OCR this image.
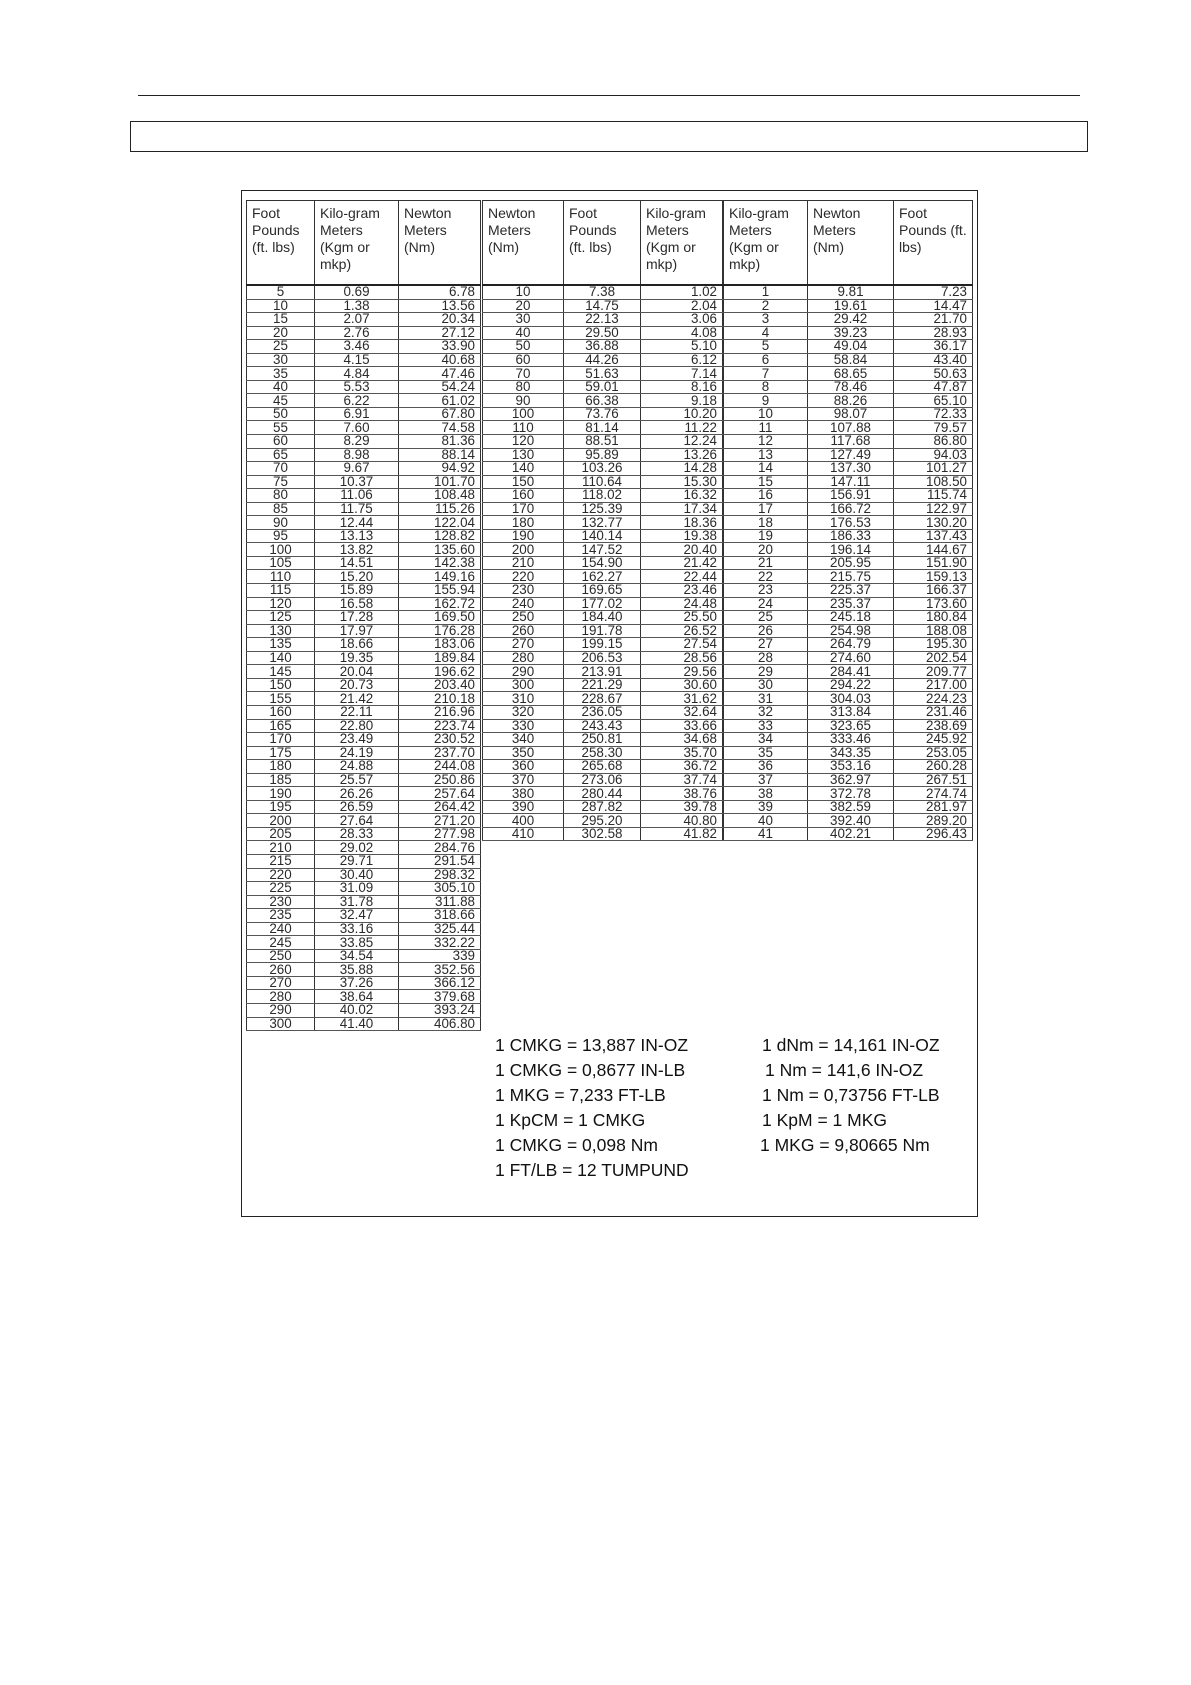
Foot Pounds (ft. lbs)	Kilo-gram Meters (Kgm or mkp)	Newton Meters (Nm)
5	0.69	6.78
10	1.38	13.56
15	2.07	20.34
20	2.76	27.12
25	3.46	33.90
30	4.15	40.68
35	4.84	47.46
40	5.53	54.24
45	6.22	61.02
50	6.91	67.80
55	7.60	74.58
60	8.29	81.36
65	8.98	88.14
70	9.67	94.92
75	10.37	101.70
80	11.06	108.48
85	11.75	115.26
90	12.44	122.04
95	13.13	128.82
100	13.82	135.60
105	14.51	142.38
110	15.20	149.16
115	15.89	155.94
120	16.58	162.72
125	17.28	169.50
130	17.97	176.28
135	18.66	183.06
140	19.35	189.84
145	20.04	196.62
150	20.73	203.40
155	21.42	210.18
160	22.11	216.96
165	22.80	223.74
170	23.49	230.52
175	24.19	237.70
180	24.88	244.08
185	25.57	250.86
190	26.26	257.64
195	26.59	264.42
200	27.64	271.20
205	28.33	277.98
210	29.02	284.76
215	29.71	291.54
220	30.40	298.32
225	31.09	305.10
230	31.78	311.88
235	32.47	318.66
240	33.16	325.44
245	33.85	332.22
250	34.54	339
260	35.88	352.56
270	37.26	366.12
280	38.64	379.68
290	40.02	393.24
300	41.40	406.80
Newton Meters (Nm)	Foot Pounds (ft. lbs)	Kilo-gram Meters (Kgm or mkp)
10	7.38	1.02
20	14.75	2.04
30	22.13	3.06
40	29.50	4.08
50	36.88	5.10
60	44.26	6.12
70	51.63	7.14
80	59.01	8.16
90	66.38	9.18
100	73.76	10.20
110	81.14	11.22
120	88.51	12.24
130	95.89	13.26
140	103.26	14.28
150	110.64	15.30
160	118.02	16.32
170	125.39	17.34
180	132.77	18.36
190	140.14	19.38
200	147.52	20.40
210	154.90	21.42
220	162.27	22.44
230	169.65	23.46
240	177.02	24.48
250	184.40	25.50
260	191.78	26.52
270	199.15	27.54
280	206.53	28.56
290	213.91	29.56
300	221.29	30.60
310	228.67	31.62
320	236.05	32.64
330	243.43	33.66
340	250.81	34.68
350	258.30	35.70
360	265.68	36.72
370	273.06	37.74
380	280.44	38.76
390	287.82	39.78
400	295.20	40.80
410	302.58	41.82
Kilo-gram Meters (Kgm or mkp)	Newton Meters (Nm)	Foot Pounds (ft. lbs)
1	9.81	7.23
2	19.61	14.47
3	29.42	21.70
4	39.23	28.93
5	49.04	36.17
6	58.84	43.40
7	68.65	50.63
8	78.46	47.87
9	88.26	65.10
10	98.07	72.33
11	107.88	79.57
12	117.68	86.80
13	127.49	94.03
14	137.30	101.27
15	147.11	108.50
16	156.91	115.74
17	166.72	122.97
18	176.53	130.20
19	186.33	137.43
20	196.14	144.67
21	205.95	151.90
22	215.75	159.13
23	225.37	166.37
24	235.37	173.60
25	245.18	180.84
26	254.98	188.08
27	264.79	195.30
28	274.60	202.54
29	284.41	209.77
30	294.22	217.00
31	304.03	224.23
32	313.84	231.46
33	323.65	238.69
34	333.46	245.92
35	343.35	253.05
36	353.16	260.28
37	362.97	267.51
38	372.78	274.74
39	382.59	281.97
40	392.40	289.20
41	402.21	296.43
1 CMKG = 13,887 IN-OZ
1 CMKG = 0,8677 IN-LB
1 MKG = 7,233 FT-LB
1 KpCM = 1 CMKG
1 CMKG = 0,098 Nm
1 FT/LB = 12 TUMPUND
1 dNm = 14,161 IN-OZ
1 Nm = 141,6 IN-OZ
1 Nm = 0,73756 FT-LB
1 KpM = 1 MKG
1 MKG = 9,80665 Nm
